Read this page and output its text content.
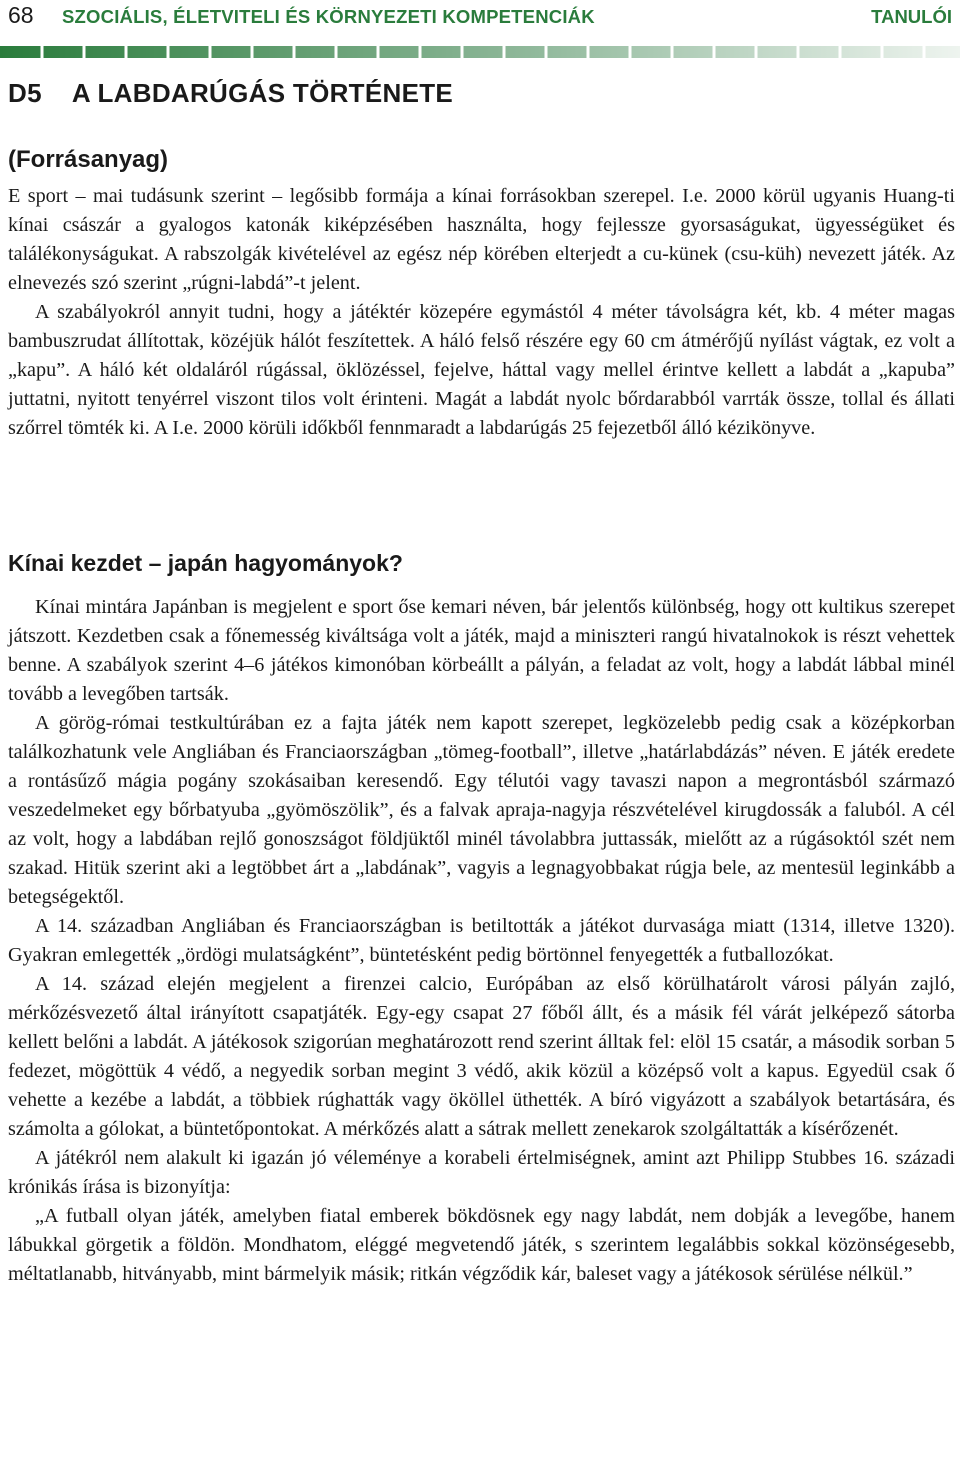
68 SZOCIÁLIS, ÉLETVITELI ÉS KÖRNYEZETI KOMPETENCIÁK	TANULÓI
D5 A LABDARÚGÁS TÖRTÉNETE
(Forrásanyag)

E sport – mai tudásunk szerint – legősibb formája a kínai forrásokban szerepel. I.e. 2000 körül ugyanis Huang-ti kínai császár a gyalogos katonák kiképzésében használta, hogy fejlessze gyorsaságukat, ügyességüket és találékonyságukat. A rabszolgák kivételével az egész nép körében elterjedt a cu-künek (csu-küh) nevezett játék. Az elnevezés szó szerint „rúgni-labdá”-t jelent.

A szabályokról annyit tudni, hogy a játéktér közepére egymástól 4 méter távolságra két, kb. 4 méter magas bambuszrudat állítottak, közéjük hálót feszítettek. A háló felső részére egy 60 cm átmérőjű nyílást vágtak, ez volt a „kapu”. A háló két oldaláról rúgással, öklözéssel, fejelve, háttal vagy mellel érintve kellett a labdát a „kapuba” juttatni, nyitott tenyérrel viszont tilos volt érinteni. Magát a labdát nyolc bőrdarabból varrták össze, tollal és állati szőrrel tömték ki. A I.e. 2000 körüli időkből fennmaradt a labdarúgás 25 fejezetből álló kézikönyve.

Kínai kezdet – japán hagyományok?

Kínai mintára Japánban is megjelent e sport őse kemari néven, bár jelentős különbség, hogy ott kultikus szerepet játszott. Kezdetben csak a főnemesség kiváltsága volt a játék, majd a miniszteri rangú hivatalnokok is részt vehettek benne. A szabályok szerint 4–6 játékos kimonóban körbeállt a pályán, a feladat az volt, hogy a labdát lábbal minél tovább a levegőben tartsák.

A görög-római testkultúrában ez a fajta játék nem kapott szerepet, legközelebb pedig csak a középkorban találkozhatunk vele Angliában és Franciaországban „tömeg-football”, illetve „határlabdázás” néven. E játék eredete a rontásűző mágia pogány szokásaiban keresendő. Egy télutói vagy tavaszi napon a megrontásból származó veszedelmeket egy bőrbatyuba „gyömöszölik”, és a falvak apraja-nagyja részvételével kirugdossák a faluból. A cél az volt, hogy a labdában rejlő gonoszságot földjüktől minél távolabbra juttassák, mielőtt az a rúgásoktól szét nem szakad. Hitük szerint aki a legtöbbet árt a „labdának”, vagyis a legnagyobbakat rúgja bele, az mentesül leginkább a betegségektől.

A 14. században Angliában és Franciaországban is betiltották a játékot durvasága miatt (1314, illetve 1320). Gyakran emlegették „ördögi mulatságként”, büntetésként pedig börtönnel fenyegették a futballozókat.

A 14. század elején megjelent a firenzei calcio, Európában az első körülhatárolt városi pályán zajló, mérkőzésvezető által irányított csapatjáték. Egy-egy csapat 27 főből állt, és a másik fél várát jelképező sátorba kellett belőni a labdát. A játékosok szigorúan meghatározott rend szerint álltak fel: elöl 15 csatár, a második sorban 5 fedezet, mögöttük 4 védő, a negyedik sorban megint 3 védő, akik közül a középső volt a kapus. Egyedül csak ő vehette a kezébe a labdát, a többiek rúghatták vagy ököllel üthették. A bíró vigyázott a szabályok betartására, és számolta a gólokat, a büntetőpontokat. A mérkőzés alatt a sátrak mellett zenekarok szolgáltatták a kísérőzenét.

A játékról nem alakult ki igazán jó véleménye a korabeli értelmiségnek, amint azt Philipp Stubbes 16. századi krónikás írása is bizonyítja:

„A futball olyan játék, amelyben fiatal emberek bökdösnek egy nagy labdát, nem dobják a levegőbe, hanem lábukkal görgetik a földön. Mondhatom, eléggé megvetendő játék, s szerintem legalábbis sokkal közönségesebb, méltatlanabb, hitványabb, mint bármelyik másik; ritkán végződik kár, baleset vagy a játékosok sérülése nélkül.”
